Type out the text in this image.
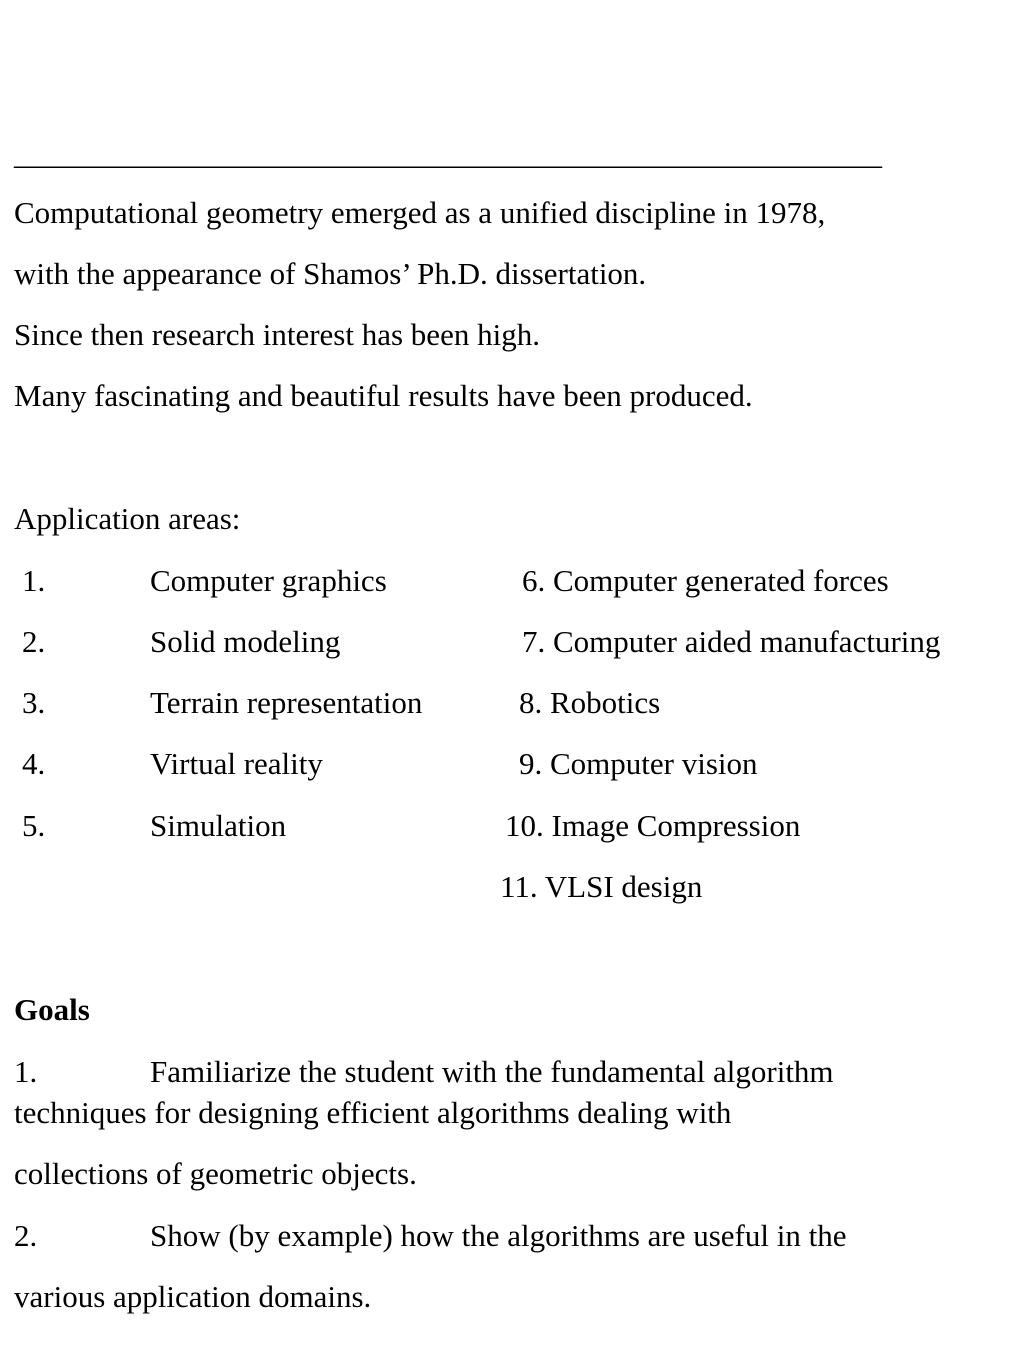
________________________________________________________
Computational geometry emerged as a unified discipline in 1978,
with the appearance of Shamos’ Ph.D. dissertation.
Since then research interest has been high.
Many fascinating and beautiful results have been produced.
Application areas:
1.	Computer graphics
2.	Solid modeling
3.	Terrain representation
4.	Virtual reality
5.	Simulation
6. Computer generated forces
7. Computer aided manufacturing
8. Robotics
9. Computer vision
10. Image Compression
11. VLSI design
Goals
1.	Familiarize the student with the fundamental algorithm
techniques for designing efficient algorithms dealing with
collections of geometric objects.
2.	Show (by example) how the algorithms are useful in the
various application domains.
